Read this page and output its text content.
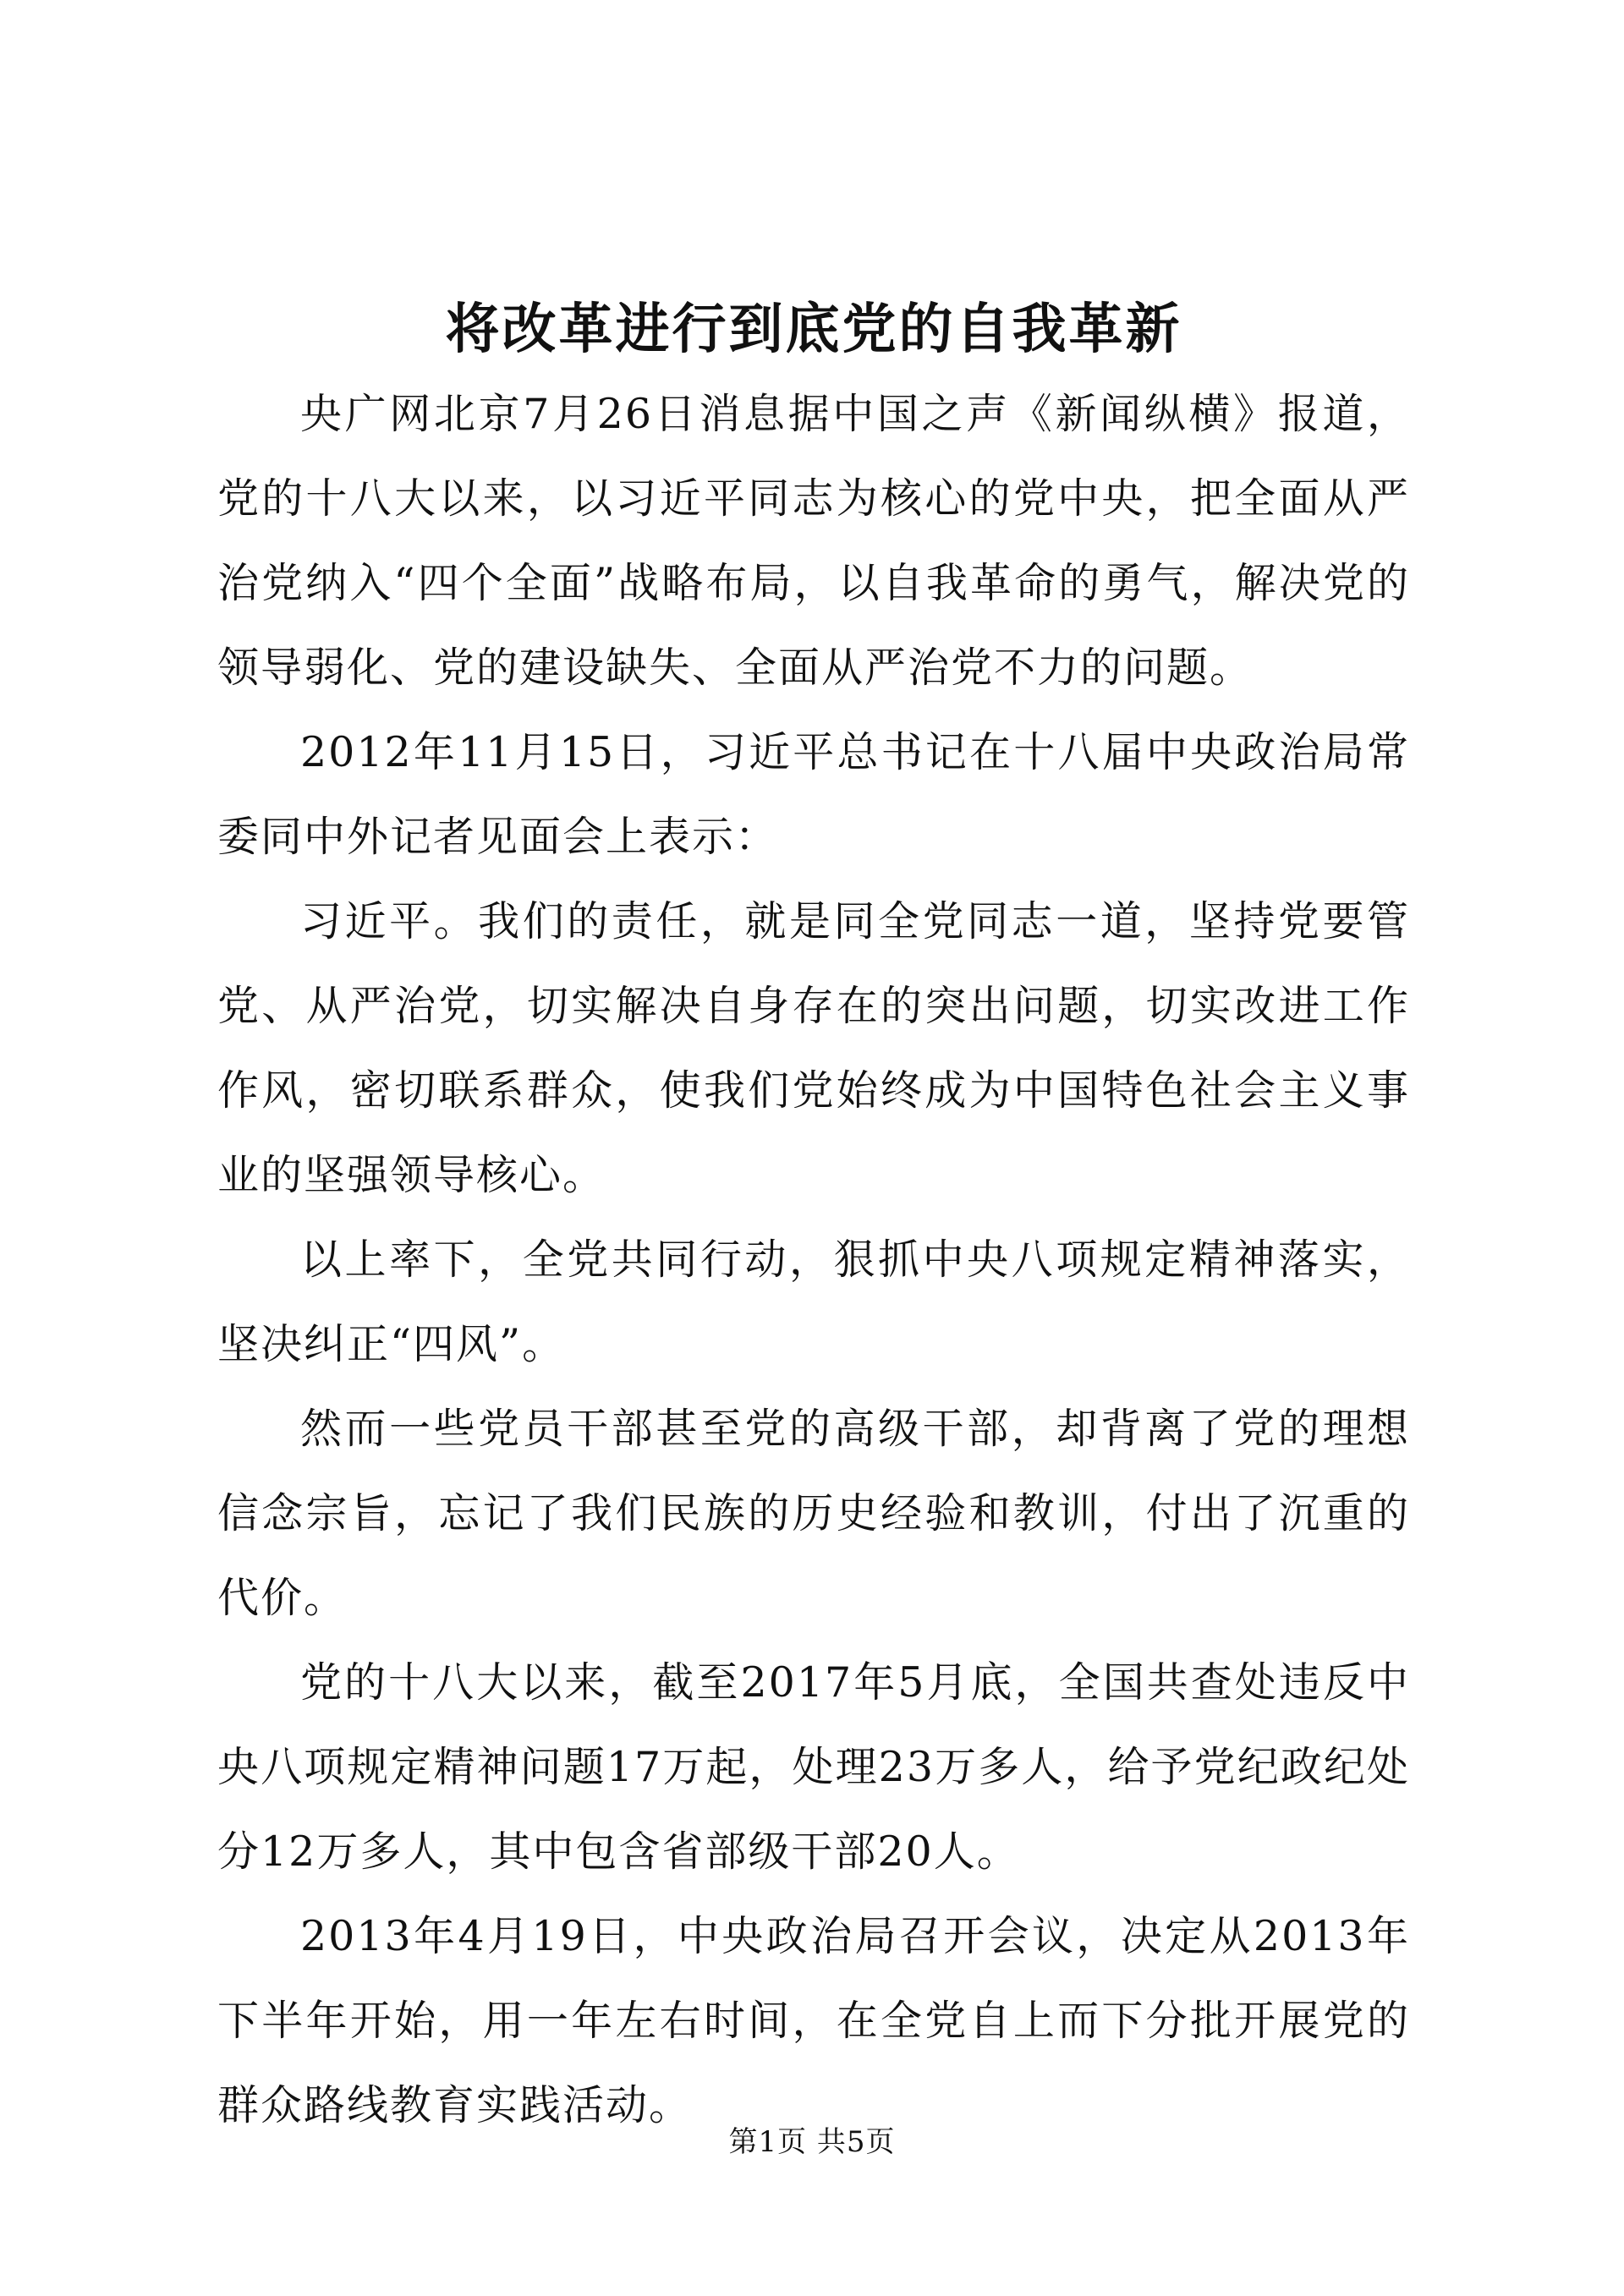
将改革进行到底党的自我革新

央广网北京7月26日消息据中国之声《新闻纵横》报道，党的十八大以来，以习近平同志为核心的党中央，把全面从严治党纳入“四个全面”战略布局，以自我革命的勇气，解决党的领导弱化、党的建设缺失、全面从严治党不力的问题。

2012年11月15日，习近平总书记在十八届中央政治局常委同中外记者见面会上表示：

习近平。我们的责任，就是同全党同志一道，坚持党要管党、从严治党，切实解决自身存在的突出问题，切实改进工作作风，密切联系群众，使我们党始终成为中国特色社会主义事业的坚强领导核心。

以上率下，全党共同行动，狠抓中央八项规定精神落实，坚决纠正“四风”。

然而一些党员干部甚至党的高级干部，却背离了党的理想信念宗旨，忘记了我们民族的历史经验和教训，付出了沉重的代价。

党的十八大以来，截至2017年5月底，全国共查处违反中央八项规定精神问题17万起，处理23万多人，给予党纪政纪处分12万多人，其中包含省部级干部20人。

2013年4月19日，中央政治局召开会议，决定从2013年下半年开始，用一年左右时间，在全党自上而下分批开展党的群众路线教育实践活动。

第1页 共5页
